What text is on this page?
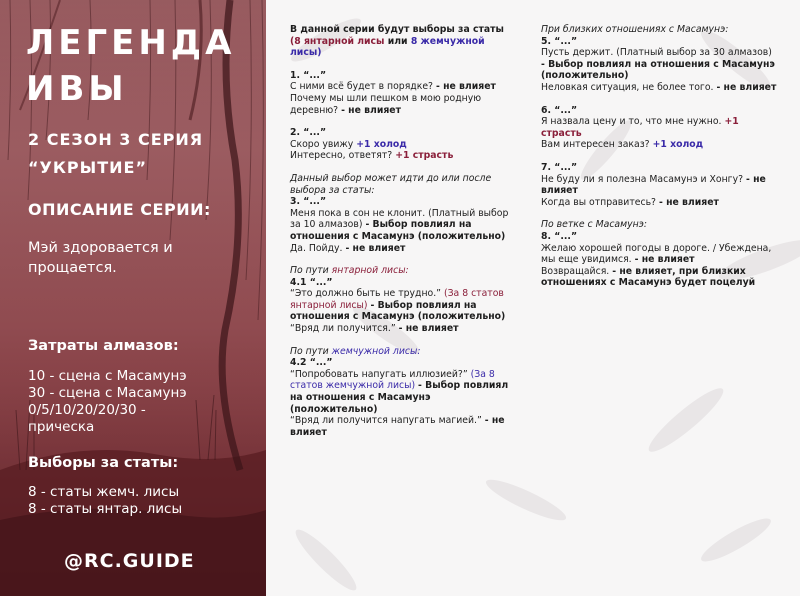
ЛЕГЕНДА
ИВЫ
2 СЕЗОН 3 СЕРИЯ
“УКРЫТИЕ”
ОПИСАНИЕ СЕРИИ:
Мэй здоровается и прощается.
Затраты алмазов:
10 - сцена с Масамунэ
30 - сцена с Масамунэ
0/5/10/20/20/30 -
прическа
Выборы за статы:
8 - статы жемч. лисы
8 - статы янтар. лисы
@RC.GUIDE

В данной серии будут выборы за статы

(8 янтарной лисы или 8 жемчужной лисы)

1. “...”

С ними всё будет в порядке? - не влияет

Почему мы шли пешком в мою родную деревню? - не влияет

2. “...”

Скоро увижу +1 холод

Интересно, ответят? +1 страсть

Данный выбор может идти до или после выбора за статы:

3. “...”

Меня пока в сон не клонит. (Платный выбор за 10 алмазов) - Выбор повлиял на отношения с Масамунэ (положительно)

Да. Пойду. - не влияет

По пути янтарной лисы:

4.1 “...”

“Это должно быть не трудно.” (За 8 статов янтарной лисы) - Выбор повлиял на отношения с Масамунэ (положительно)

“Вряд ли получится.” - не влияет

По пути жемчужной лисы:

4.2 “...”

“Попробовать напугать иллюзией?” (За 8 статов жемчужной лисы) - Выбор повлиял на отношения с Масамунэ (положительно)

“Вряд ли получится напугать магией.” - не влияет

При близких отношениях с Масамунэ:

5. “...”

Пусть держит. (Платный выбор за 30 алмазов)

- Выбор повлиял на отношения с Масамунэ (положительно)

Неловкая ситуация, не более того. - не влияет

6. “...”

Я назвала цену и то, что мне нужно. +1 страсть

Вам интересен заказ? +1 холод

7. “...”

Не буду ли я полезна Масамунэ и Хонгу? - не влияет

Когда вы отправитесь? - не влияет

По ветке с Масамунэ:

8. “...”

Желаю хорошей погоды в дороге. / Убеждена, мы еще увидимся. - не влияет

Возвращайся. - не влияет, при близких отношениях с Масамунэ будет поцелуй
